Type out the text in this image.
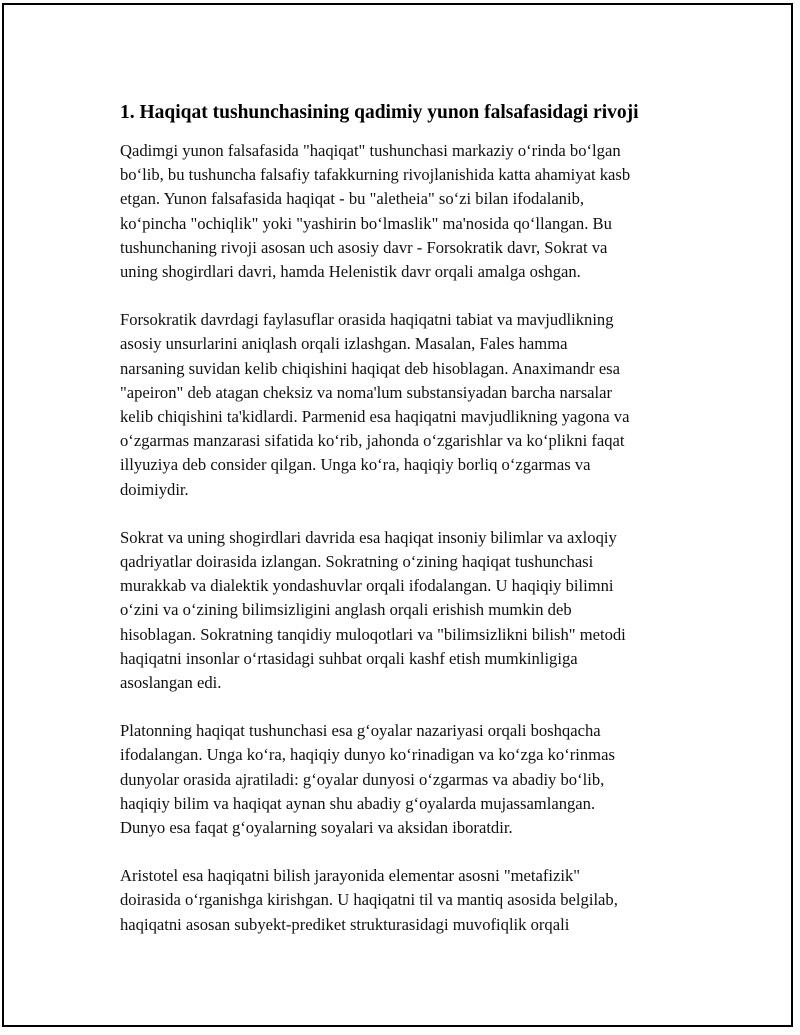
1. Haqiqat tushunchasining qadimiy yunon falsafasidagi rivoji

Qadimgi yunon falsafasida "haqiqat" tushunchasi markaziy o‘rinda bo‘lgan
bo‘lib, bu tushuncha falsafiy tafakkurning rivojlanishida katta ahamiyat kasb
etgan. Yunon falsafasida haqiqat - bu "aletheia" so‘zi bilan ifodalanib,
ko‘pincha "ochiqlik" yoki "yashirin bo‘lmaslik" ma'nosida qo‘llangan. Bu
tushunchaning rivoji asosan uch asosiy davr - Forsokratik davr, Sokrat va
uning shogirdlari davri, hamda Helenistik davr orqali amalga oshgan.

Forsokratik davrdagi faylasuflar orasida haqiqatni tabiat va mavjudlikning
asosiy unsurlarini aniqlash orqali izlashgan. Masalan, Fales hamma
narsaning suvidan kelib chiqishini haqiqat deb hisoblagan. Anaximandr esa
"apeiron" deb atagan cheksiz va noma'lum substansiyadan barcha narsalar
kelib chiqishini ta'kidlardi. Parmenid esa haqiqatni mavjudlikning yagona va
o‘zgarmas manzarasi sifatida ko‘rib, jahonda o‘zgarishlar va ko‘plikni faqat
illyuziya deb consider qilgan. Unga ko‘ra, haqiqiy borliq o‘zgarmas va
doimiydir.

Sokrat va uning shogirdlari davrida esa haqiqat insoniy bilimlar va axloqiy
qadriyatlar doirasida izlangan. Sokratning o‘zining haqiqat tushunchasi
murakkab va dialektik yondashuvlar orqali ifodalangan. U haqiqiy bilimni
o‘zini va o‘zining bilimsizligini anglash orqali erishish mumkin deb
hisoblagan. Sokratning tanqidiy muloqotlari va "bilimsizlikni bilish" metodi
haqiqatni insonlar o‘rtasidagi suhbat orqali kashf etish mumkinligiga
asoslangan edi.

Platonning haqiqat tushunchasi esa g‘oyalar nazariyasi orqali boshqacha
ifodalangan. Unga ko‘ra, haqiqiy dunyo ko‘rinadigan va ko‘zga ko‘rinmas
dunyolar orasida ajratiladi: g‘oyalar dunyosi o‘zgarmas va abadiy bo‘lib,
haqiqiy bilim va haqiqat aynan shu abadiy g‘oyalarda mujassamlangan.
Dunyo esa faqat g‘oyalarning soyalari va aksidan iboratdir.

Aristotel esa haqiqatni bilish jarayonida elementar asosni "metafizik"
doirasida o‘rganishga kirishgan. U haqiqatni til va mantiq asosida belgilab,
haqiqatni asosan subyekt-prediket strukturasidagi muvofiqlik orqali
